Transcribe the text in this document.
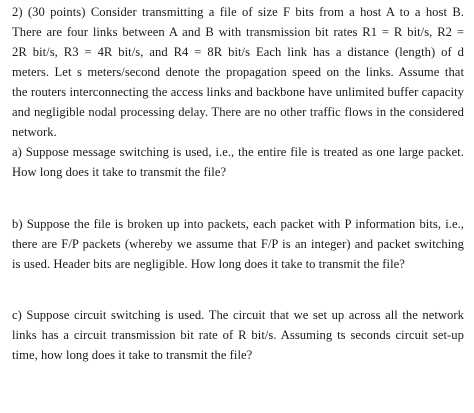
2) (30 points) Consider transmitting a file of size F bits from a host A to a host B.
There are four links between A and B with transmission bit rates R1 = R bit/s, R2 =
2R bit/s, R3 = 4R bit/s, and R4 = 8R bit/s Each link has a distance (length) of d
meters. Let s meters/second denote the propagation speed on the links. Assume that
the routers interconnecting the access links and backbone have unlimited buffer capacity
and negligible nodal processing delay. There are no other traffic flows in the considered
network.
a) Suppose message switching is used, i.e., the entire file is treated as one large packet.
How long does it take to transmit the file?
b) Suppose the file is broken up into packets, each packet with P information bits, i.e.,
there are F/P packets (whereby we assume that F/P is an integer) and packet switching
is used. Header bits are negligible. How long does it take to transmit the file?
c) Suppose circuit switching is used. The circuit that we set up across all the network
links has a circuit transmission bit rate of R bit/s. Assuming ts seconds circuit set-up
time, how long does it take to transmit the file?
